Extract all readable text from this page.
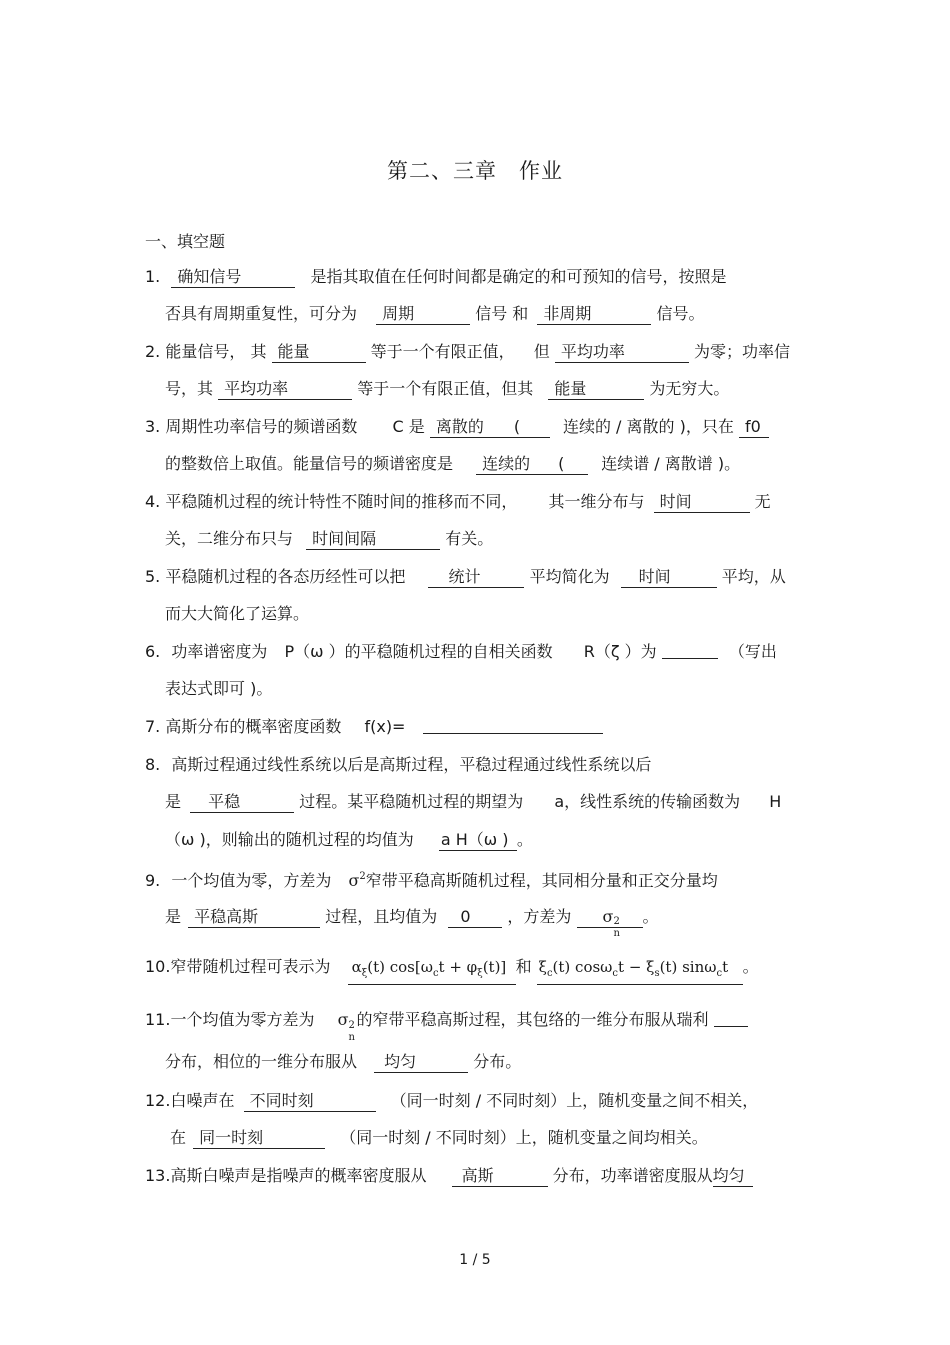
第二、三章　作业
一、填空题
1. 确知信号	是指其取值在任何时间都是确定的和可预知的信号，按照是
否具有周期重复性，可分为 周期	信号 和 非周期	信号。
2. 能量信号， 其 能量	等于一个有限正值， 但 平均功率	为零；功率信
号，其 平均功率	等于一个有限正值，但其 能量	为无穷大。
3. 周期性功率信号的频谱函数 C 是 离散的 (	连续的 / 离散的 )，只在 f0
的整数倍上取值。能量信号的频谱密度是 连续的 ( 连续谱 / 离散谱 )。
4. 平稳随机过程的统计特性不随时间的推移而不同， 其一维分布与 时间	无
关，二维分布只与 时间间隔	有关。
5. 平稳随机过程的各态历经性可以把	统计	平均简化为 时间	平均，从
而大大简化了运算。
6. 功率谱密度为 P（ω ）的平稳随机过程的自相关函数 R（ζ ）为	（写出
表达式即可 )。
7. 高斯分布的概率密度函数 f(x)=
8. 高斯过程通过线性系统以后是高斯过程，平稳过程通过线性系统以后
是 平稳	过程。某平稳随机过程的期望为 a，线性系统的传输函数为 H
（ω )，则输出的随机过程的均值为 a H（ω ) 。
9. 一个均值为零，方差为 $\sigma^2$窄带平稳高斯随机过程，其同相分量和正交分量均
是 平稳高斯	过程，且均值为 0 ，方差为 σ 2
n
。
10.窄带随机过程可表示为 $\alpha_\xi(t) \cos[\omega_ct + \varphi_\xi(t)]$ 和 $\xi_c(t) \cos\omega_ct - \xi_s(t)$ sinω$_c$t 。
11.一个均值为零方差为 σ 2
n
的窄带平稳高斯过程，其包络的一维分布服从瑞利
分布，相位的一维分布服从 均匀	分布。
12.白噪声在 不同时刻	（同一时刻 / 不同时刻）上，随机变量之间不相关，
在 同一时刻	（同一时刻 / 不同时刻）上，随机变量之间均相关。
13.高斯白噪声是指噪声的概率密度服从 高斯	分布，功率谱密度服从均匀
1 / 5
